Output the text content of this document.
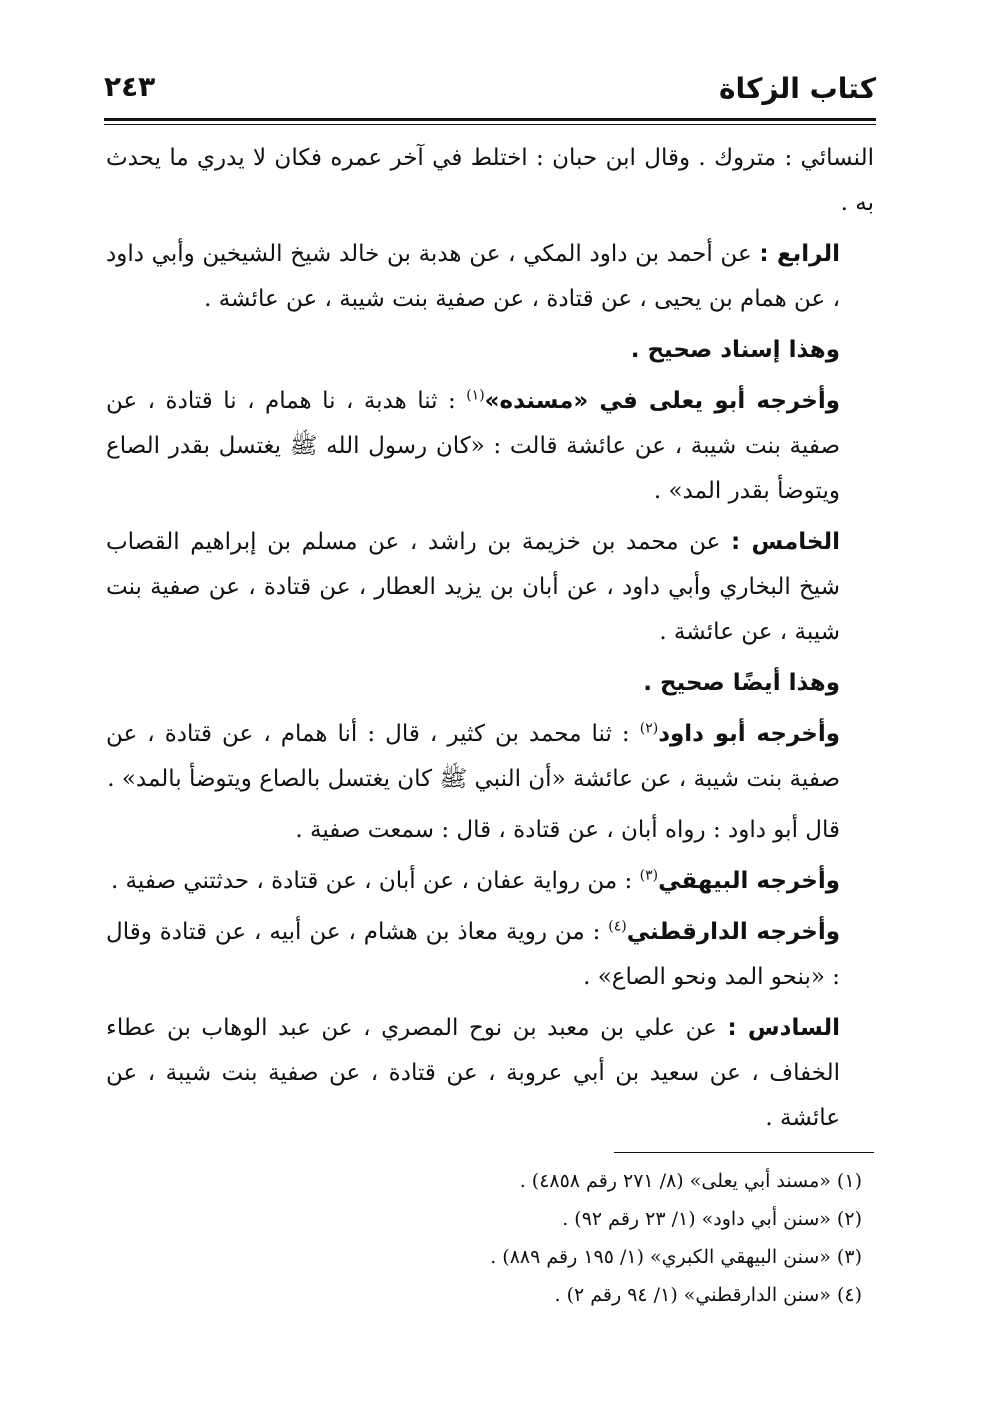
كتاب الزكاة
٢٤٣

النسائي : متروك . وقال ابن حبان : اختلط في آخر عمره فكان لا يدري ما يحدث به .

الرابع : عن أحمد بن داود المكي ، عن هدبة بن خالد شيخ الشيخين وأبي داود ، عن همام بن يحيى ، عن قتادة ، عن صفية بنت شيبة ، عن عائشة .

وهذا إسناد صحيح .

وأخرجه أبو يعلى في «مسنده»$^{(١)}$ : ثنا هدبة ، نا همام ، نا قتادة ، عن صفية بنت شيبة ، عن عائشة قالت : «كان رسول الله ﷺ يغتسل بقدر الصاع ويتوضأ بقدر المد» .

الخامس : عن محمد بن خزيمة بن راشد ، عن مسلم بن إبراهيم القصاب شيخ البخاري وأبي داود ، عن أبان بن يزيد العطار ، عن قتادة ، عن صفية بنت شيبة ، عن عائشة .

وهذا أيضًا صحيح .

وأخرجه أبو داود$^{(٢)}$ : ثنا محمد بن كثير ، قال : أنا همام ، عن قتادة ، عن صفية بنت شيبة ، عن عائشة «أن النبي ﷺ كان يغتسل بالصاع ويتوضأ بالمد» .

قال أبو داود : رواه أبان ، عن قتادة ، قال : سمعت صفية .

وأخرجه البيهقي$^{(٣)}$ : من رواية عفان ، عن أبان ، عن قتادة ، حدثتني صفية .

وأخرجه الدارقطني$^{(٤)}$ : من روية معاذ بن هشام ، عن أبيه ، عن قتادة وقال : «بنحو المد ونحو الصاع» .

السادس : عن علي بن معبد بن نوح المصري ، عن عبد الوهاب بن عطاء الخفاف ، عن سعيد بن أبي عروبة ، عن قتادة ، عن صفية بنت شيبة ، عن عائشة .

(١) «مسند أبي يعلى» (٨/ ٢٧١ رقم ٤٨٥٨) .
(٢) «سنن أبي داود» (١/ ٢٣ رقم ٩٢) .
(٣) «سنن البيهقي الكبري» (١/ ١٩٥ رقم ٨٨٩) .
(٤) «سنن الدارقطني» (١/ ٩٤ رقم ٢) .
